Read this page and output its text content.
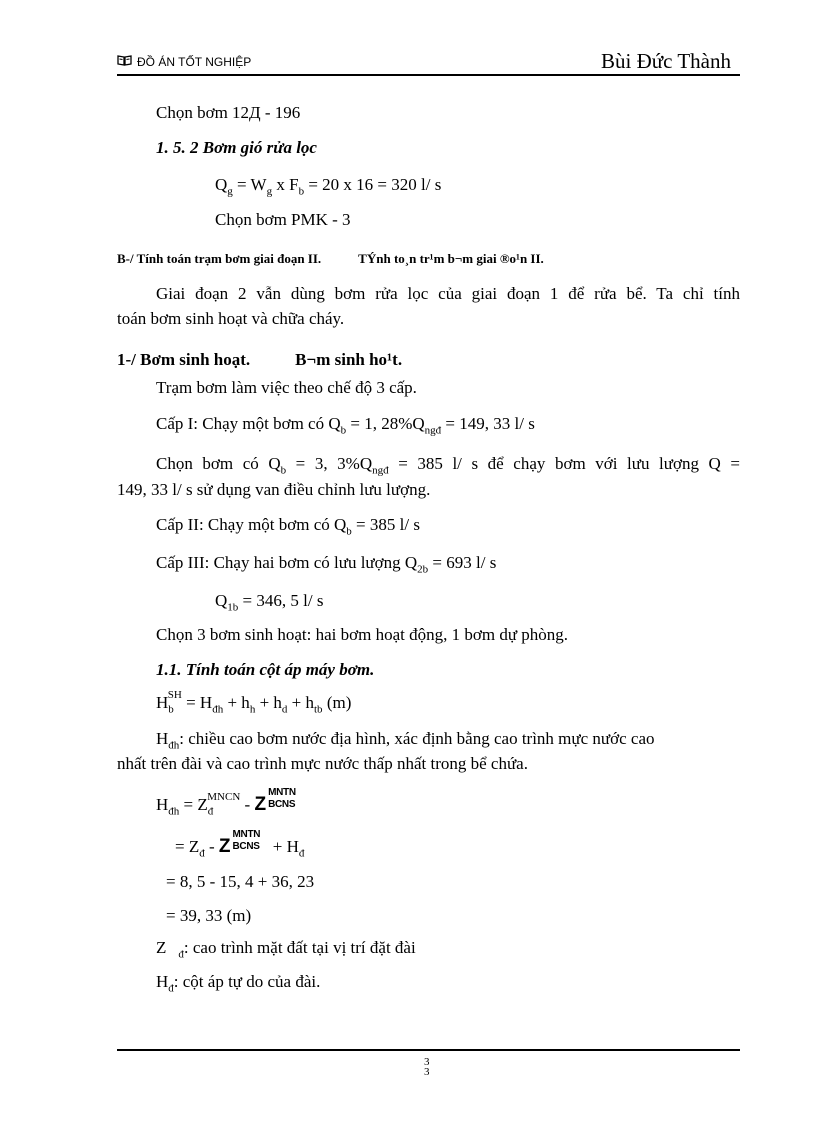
ĐỒ ÁN TỐT NGHIỆP	Bùi Đức Thành
Chọn bơm 12Д - 196
1. 5. 2 Bơm gió rửa lọc
$Q_g = W_g$ x $F_b = 20$ x 16 = 320 l/ s
Chọn bơm PMK - 3
B-/ Tính toán trạm bơm giai đoạn II.	TÝnh to¸n tr¹m b¬m giai ®o¹n II.
Giai đoạn 2 vẫn dùng bơm rửa lọc của giai đoạn 1 để rửa bể. Ta chỉ tính
toán bơm sinh hoạt và chữa cháy.
1-/ Bơm sinh hoạt.	B¬m sinh ho¹t.
Trạm bơm làm việc theo chế độ 3 cấp.
Cấp I: Chạy một bơm có $Q_b = 1$, $28\%Q_{ngđ} = 149$, 33 l/ s
Chọn bơm có $Q_b = 3$, $3\%Q_{ngđ} = 385$ l/ s để chạy bơm với lưu lượng Q =
149, 33 l/ s sử dụng van điều chỉnh lưu lượng.
Cấp II: Chạy một bơm có $Q_b = 385$ l/ s
Cấp III: Chạy hai bơm có lưu lượng $Q_{2b} = 693$ l/ s
$Q_{1b} = 346$, 5 l/ s
Chọn 3 bơm sinh hoạt: hai bơm hoạt động, 1 bơm dự phòng.
1.1. Tính toán cột áp máy bơm.
$H_b^{SH} = H_{đh} + h_h + h_d + h_{tb}$ (m)
$H_{đh}$: chiều cao bơm nước địa hình, xác định bằng cao trình mực nước cao
nhất trên đài và cao trình mực nước thấp nhất trong bể chứa.
$H_{đh} = Z_đ^{MNCN} - Z$
MNTN
BCNS
= $Z_đ$ - Z
MNTN
BCNS + $H_đ$
= 8, 5 - 15, 4 + 36, 23
= 39, 33 (m)
Z $_đ$: cao trình mặt đất tại vị trí đặt đài
$H_đ$: cột áp tự do của đài.
33
